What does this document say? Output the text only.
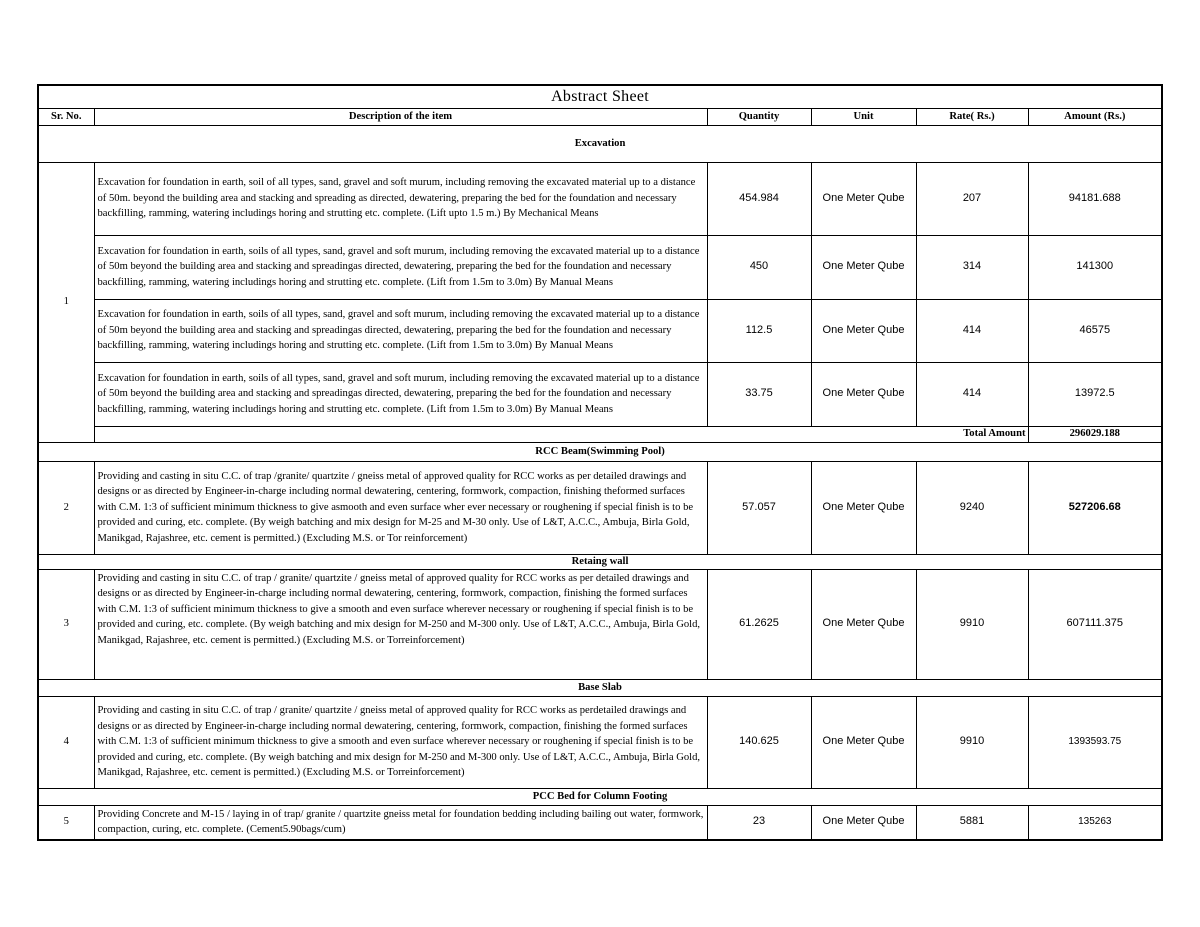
Abstract Sheet					
Sr. No.	Description of the item	Quantity	Unit	Rate( Rs.)	Amount (Rs.)
Excavation					
1	Excavation for foundation in earth, soil of all types, sand, gravel and soft murum, including removing the excavated material up to a distance of 50m. beyond the building area and stacking and spreading as directed, dewatering, preparing the bed for the foundation and necessary backfilling, ramming, watering includings horing and strutting etc. complete. (Lift upto 1.5 m.) By Mechanical Means	454.984	One Meter Qube	207	94181.688
	Excavation for foundation in earth, soils of all types, sand, gravel and soft murum, including removing the excavated material up to a distance of 50m beyond the building area and stacking and spreadingas directed, dewatering, preparing the bed for the foundation and necessary backfilling, ramming, watering includings horing and strutting etc. complete. (Lift from 1.5m to 3.0m) By Manual Means	450	One Meter Qube	314	141300
	Excavation for foundation in earth, soils of all types, sand, gravel and soft murum, including removing the excavated material up to a distance of 50m beyond the building area and stacking and spreadingas directed, dewatering, preparing the bed for the foundation and necessary backfilling, ramming, watering includings horing and strutting etc. complete. (Lift from 1.5m to 3.0m) By Manual Means	112.5	One Meter Qube	414	46575
	Excavation for foundation in earth, soils of all types, sand, gravel and soft murum, including removing the excavated material up to a distance of 50m beyond the building area and stacking and spreadingas directed, dewatering, preparing the bed for the foundation and necessary backfilling, ramming, watering includings horing and strutting etc. complete. (Lift from 1.5m to 3.0m) By Manual Means	33.75	One Meter Qube	414	13972.5
				Total Amount	296029.188
RCC Beam(Swimming Pool)					
2	Providing and casting in situ C.C. of trap /granite/ quartzite / gneiss metal of approved quality for RCC works as per detailed drawings and designs or as directed by Engineer-in-charge including normal dewatering, centering, formwork, compaction, finishing theformed surfaces with C.M. 1:3 of sufficient minimum thickness to give asmooth and even surface wher ever necessary or roughening if special finish is to be provided and curing, etc. complete. (By weigh batching and mix design for M-25 and M-30 only. Use of L&T, A.C.C., Ambuja, Birla Gold, Manikgad, Rajashree, etc. cement is permitted.) (Excluding M.S. or Tor reinforcement)	57.057	One Meter Qube	9240	527206.68
Retaing wall					
3	Providing and casting in situ C.C. of trap / granite/ quartzite / gneiss metal of approved quality for RCC works as per detailed drawings and designs or as directed by Engineer-in-charge including normal dewatering, centering, formwork, compaction, finishing the formed surfaces with C.M. 1:3 of sufficient minimum thickness to give a smooth and even surface wherever necessary or roughening if special finish is to be provided and curing, etc. complete. (By weigh batching and mix design for M-250 and M-300 only. Use of L&T, A.C.C., Ambuja, Birla Gold, Manikgad, Rajashree, etc. cement is permitted.) (Excluding M.S. or Torreinforcement)	61.2625	One Meter Qube	9910	607111.375
Base Slab					
4	Providing and casting in situ C.C. of trap / granite/ quartzite / gneiss metal of approved quality for RCC works as perdetailed drawings and designs or as directed by Engineer-in-charge including normal dewatering, centering, formwork, compaction, finishing the formed surfaces with C.M. 1:3 of sufficient minimum thickness to give a smooth and even surface wherever necessary or roughening if special finish is to be provided and curing, etc. complete. (By weigh batching and mix design for M-250 and M-300 only. Use of L&T, A.C.C., Ambuja, Birla Gold, Manikgad, Rajashree, etc. cement is permitted.) (Excluding M.S. or Torreinforcement)	140.625	One Meter Qube	9910	1393593.75
PCC Bed for Column Footing					
5	Providing Concrete and M-15 / laying in of trap/ granite / quartzite gneiss metal for foundation bedding including bailing out water, formwork, compaction, curing, etc. complete. (Cement5.90bags/cum)	23	One Meter Qube	5881	135263
